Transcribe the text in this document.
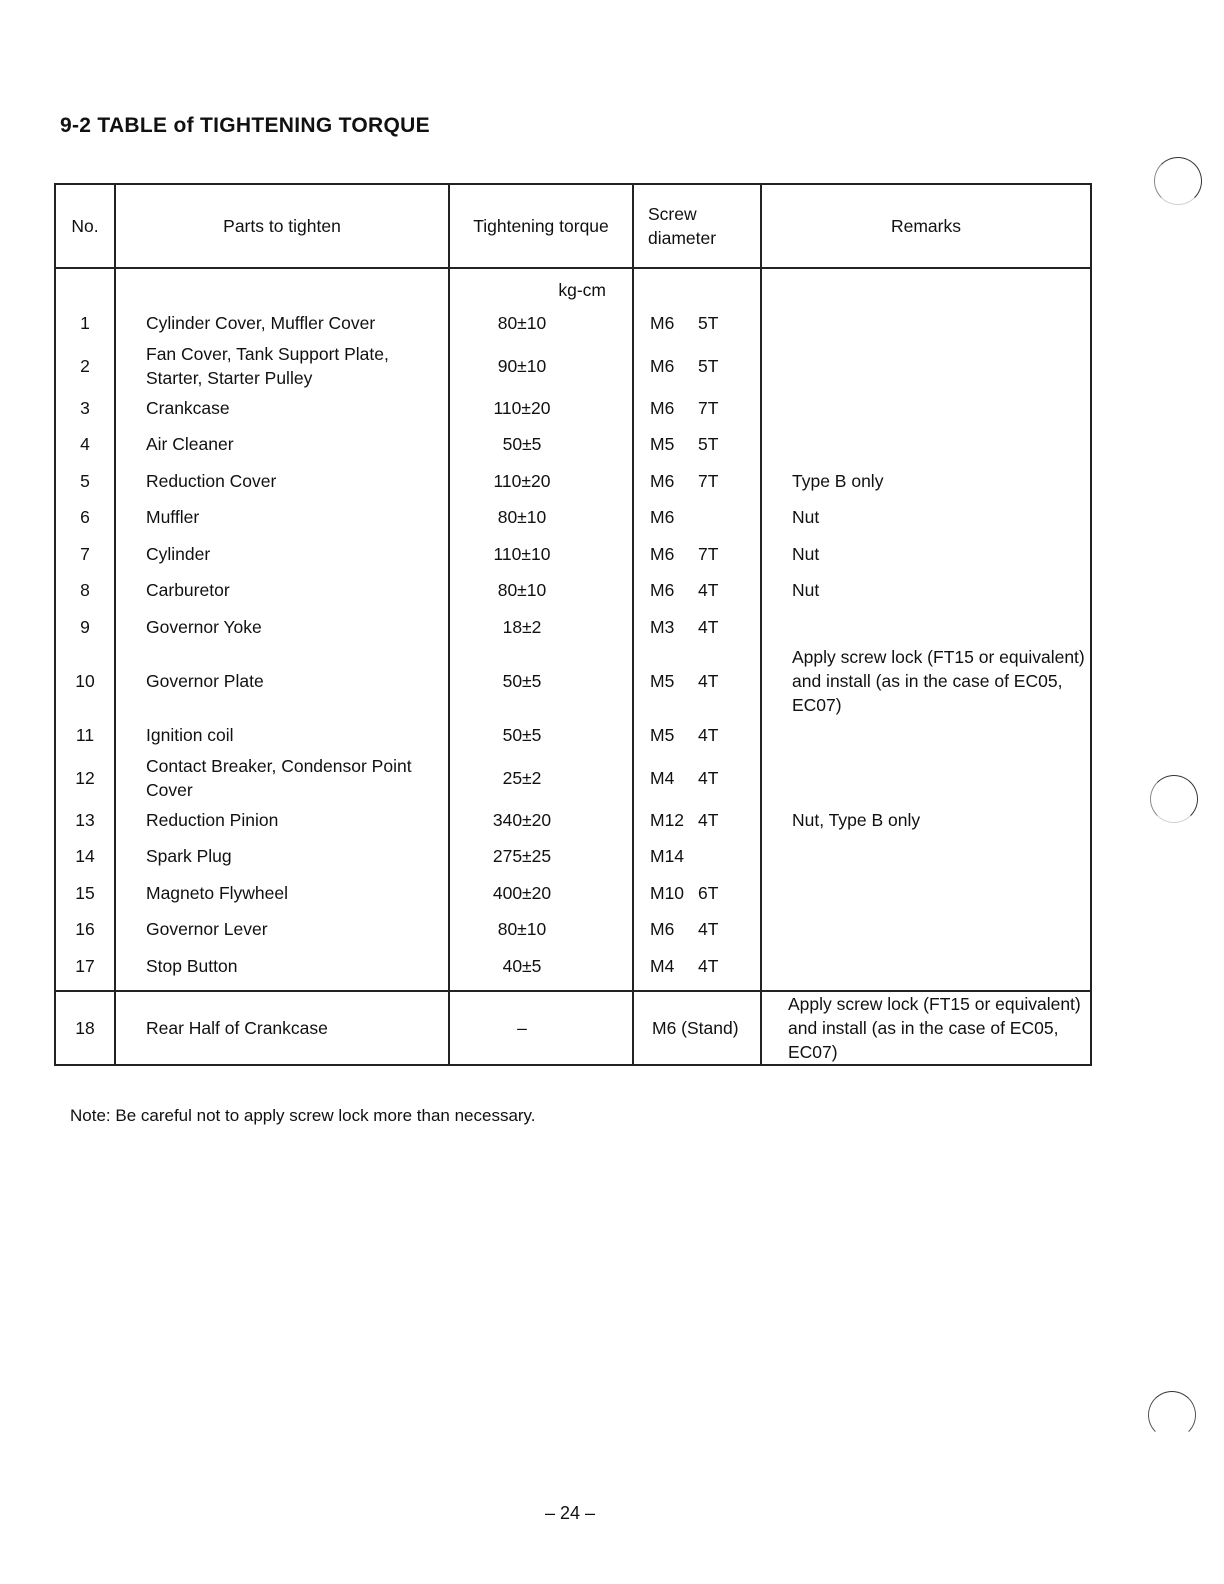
9-2 TABLE of TIGHTENING TORQUE
No.	Parts to tighten	Tightening torque	Screw diameter	Remarks

		kg-cm		

1	Cylinder Cover, Muffler Cover	80±10	M6 5T	
2	Fan Cover, Tank Support Plate, Starter, Starter Pulley	90±10	M6 5T	
3	Crankcase	110±20	M6 7T	
4	Air Cleaner	50±5	M5 5T	
5	Reduction Cover	110±20	M6 7T	Type B only
6	Muffler	80±10	M6	Nut
7	Cylinder	110±10	M6 7T	Nut
8	Carburetor	80±10	M6 4T	Nut
9	Governor Yoke	18±2	M3 4T	
10	Governor Plate	50±5	M5 4T	Apply screw lock (FT15 or equivalent) and install (as in the case of EC05, EC07)
11	Ignition coil	50±5	M5 4T	
12	Contact Breaker, Condensor Point Cover	25±2	M4 4T	
13	Reduction Pinion	340±20	M12 4T	Nut, Type B only
14	Spark Plug	275±25	M14	
15	Magneto Flywheel	400±20	M10 6T	
16	Governor Lever	80±10	M6 4T	
17	Stop Button	40±5	M4 4T	
18	Rear Half of Crankcase	–	M6 (Stand)	Apply screw lock (FT15 or equivalent) and install (as in the case of EC05, EC07)
Note: Be careful not to apply screw lock more than necessary.
– 24 –
